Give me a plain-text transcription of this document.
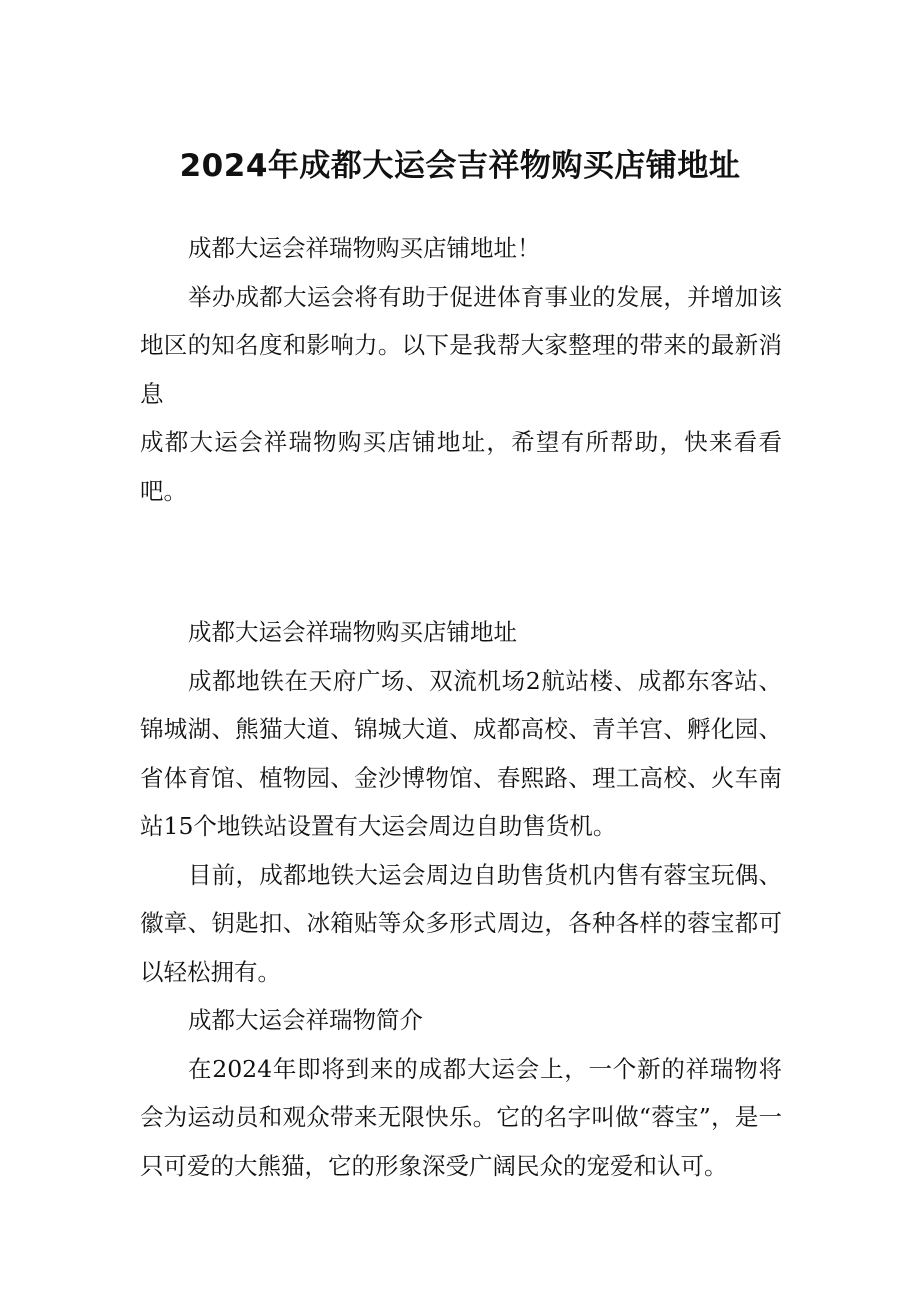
2024年成都大运会吉祥物购买店铺地址

成都大运会祥瑞物购买店铺地址！

举办成都大运会将有助于促进体育事业的发展，并增加该地区的知名度和影响力。以下是我帮大家整理的带来的最新消息

成都大运会祥瑞物购买店铺地址，希望有所帮助，快来看看吧。

成都大运会祥瑞物购买店铺地址

成都地铁在天府广场、双流机场2航站楼、成都东客站、锦城湖、熊猫大道、锦城大道、成都高校、青羊宫、孵化园、省体育馆、植物园、金沙博物馆、春熙路、理工高校、火车南站15个地铁站设置有大运会周边自助售货机。

目前，成都地铁大运会周边自助售货机内售有蓉宝玩偶、徽章、钥匙扣、冰箱贴等众多形式周边，各种各样的蓉宝都可以轻松拥有。

成都大运会祥瑞物简介

在2024年即将到来的成都大运会上，一个新的祥瑞物将会为运动员和观众带来无限快乐。它的名字叫做“蓉宝”，是一只可爱的大熊猫，它的形象深受广阔民众的宠爱和认可。
